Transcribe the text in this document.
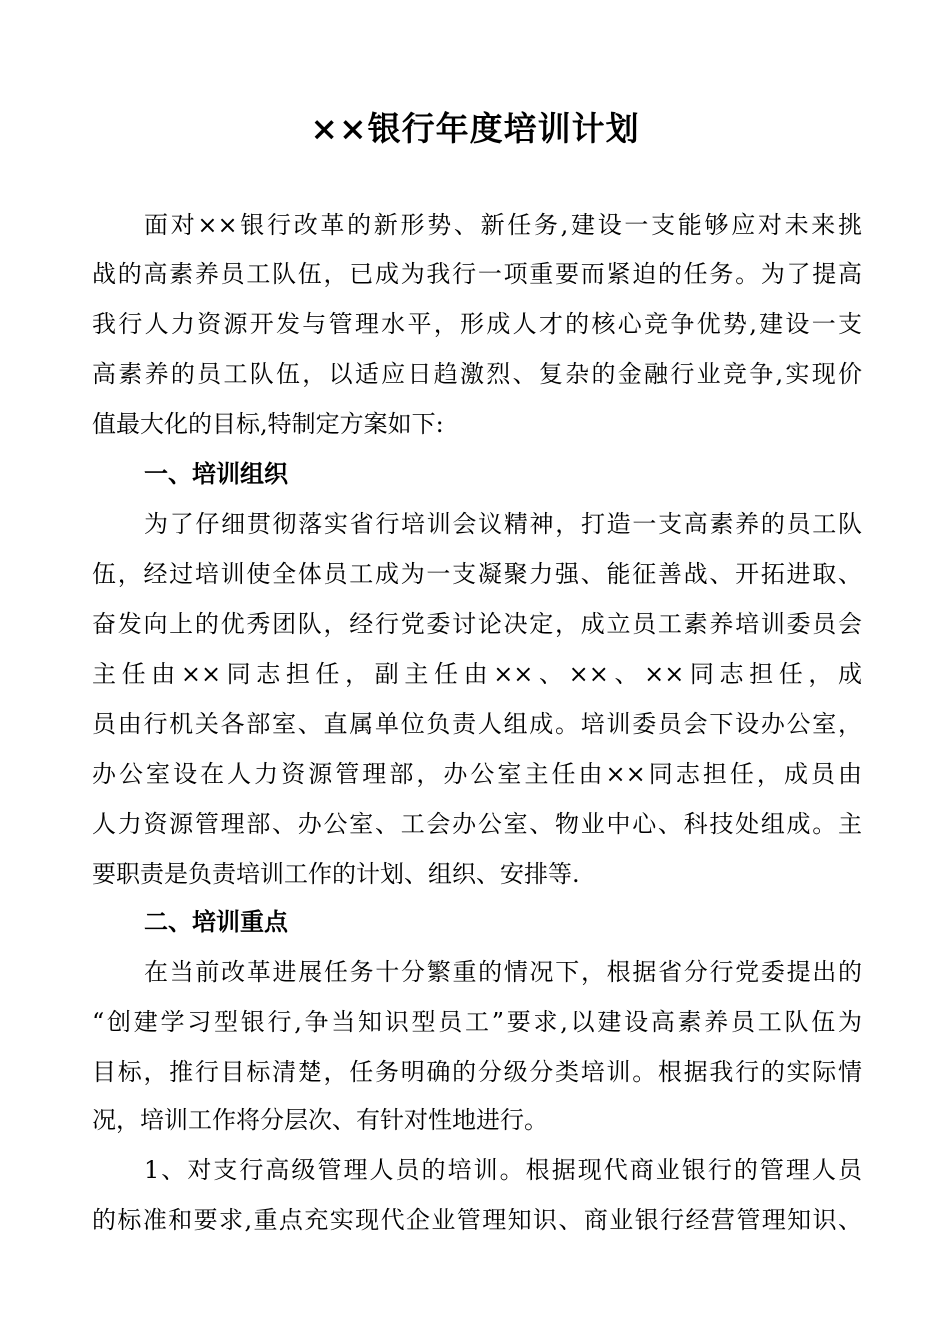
××银行年度培训计划
面对××银行改革的新形势、新任务,建设一支能够应对未来挑
战的高素养员工队伍，已成为我行一项重要而紧迫的任务。为了提高
我行人力资源开发与管理水平，形成人才的核心竞争优势,建设一支
高素养的员工队伍，以适应日趋激烈、复杂的金融行业竞争,实现价
值最大化的目标,特制定方案如下:
一、培训组织
为了仔细贯彻落实省行培训会议精神，打造一支高素养的员工队
伍，经过培训使全体员工成为一支凝聚力强、能征善战、开拓进取、
奋发向上的优秀团队，经行党委讨论决定，成立员工素养培训委员会
主任由××同志担任，副主任由××、××、××同志担任，成
员由行机关各部室、直属单位负责人组成。培训委员会下设办公室，
办公室设在人力资源管理部，办公室主任由××同志担任，成员由
人力资源管理部、办公室、工会办公室、物业中心、科技处组成。主
要职责是负责培训工作的计划、组织、安排等.
二、培训重点
在当前改革进展任务十分繁重的情况下，根据省分行党委提出的
“创建学习型银行,争当知识型员工”要求,以建设高素养员工队伍为
目标，推行目标清楚，任务明确的分级分类培训。根据我行的实际情
况，培训工作将分层次、有针对性地进行。
1、对支行高级管理人员的培训。根据现代商业银行的管理人员
的标准和要求,重点充实现代企业管理知识、商业银行经营管理知识、
